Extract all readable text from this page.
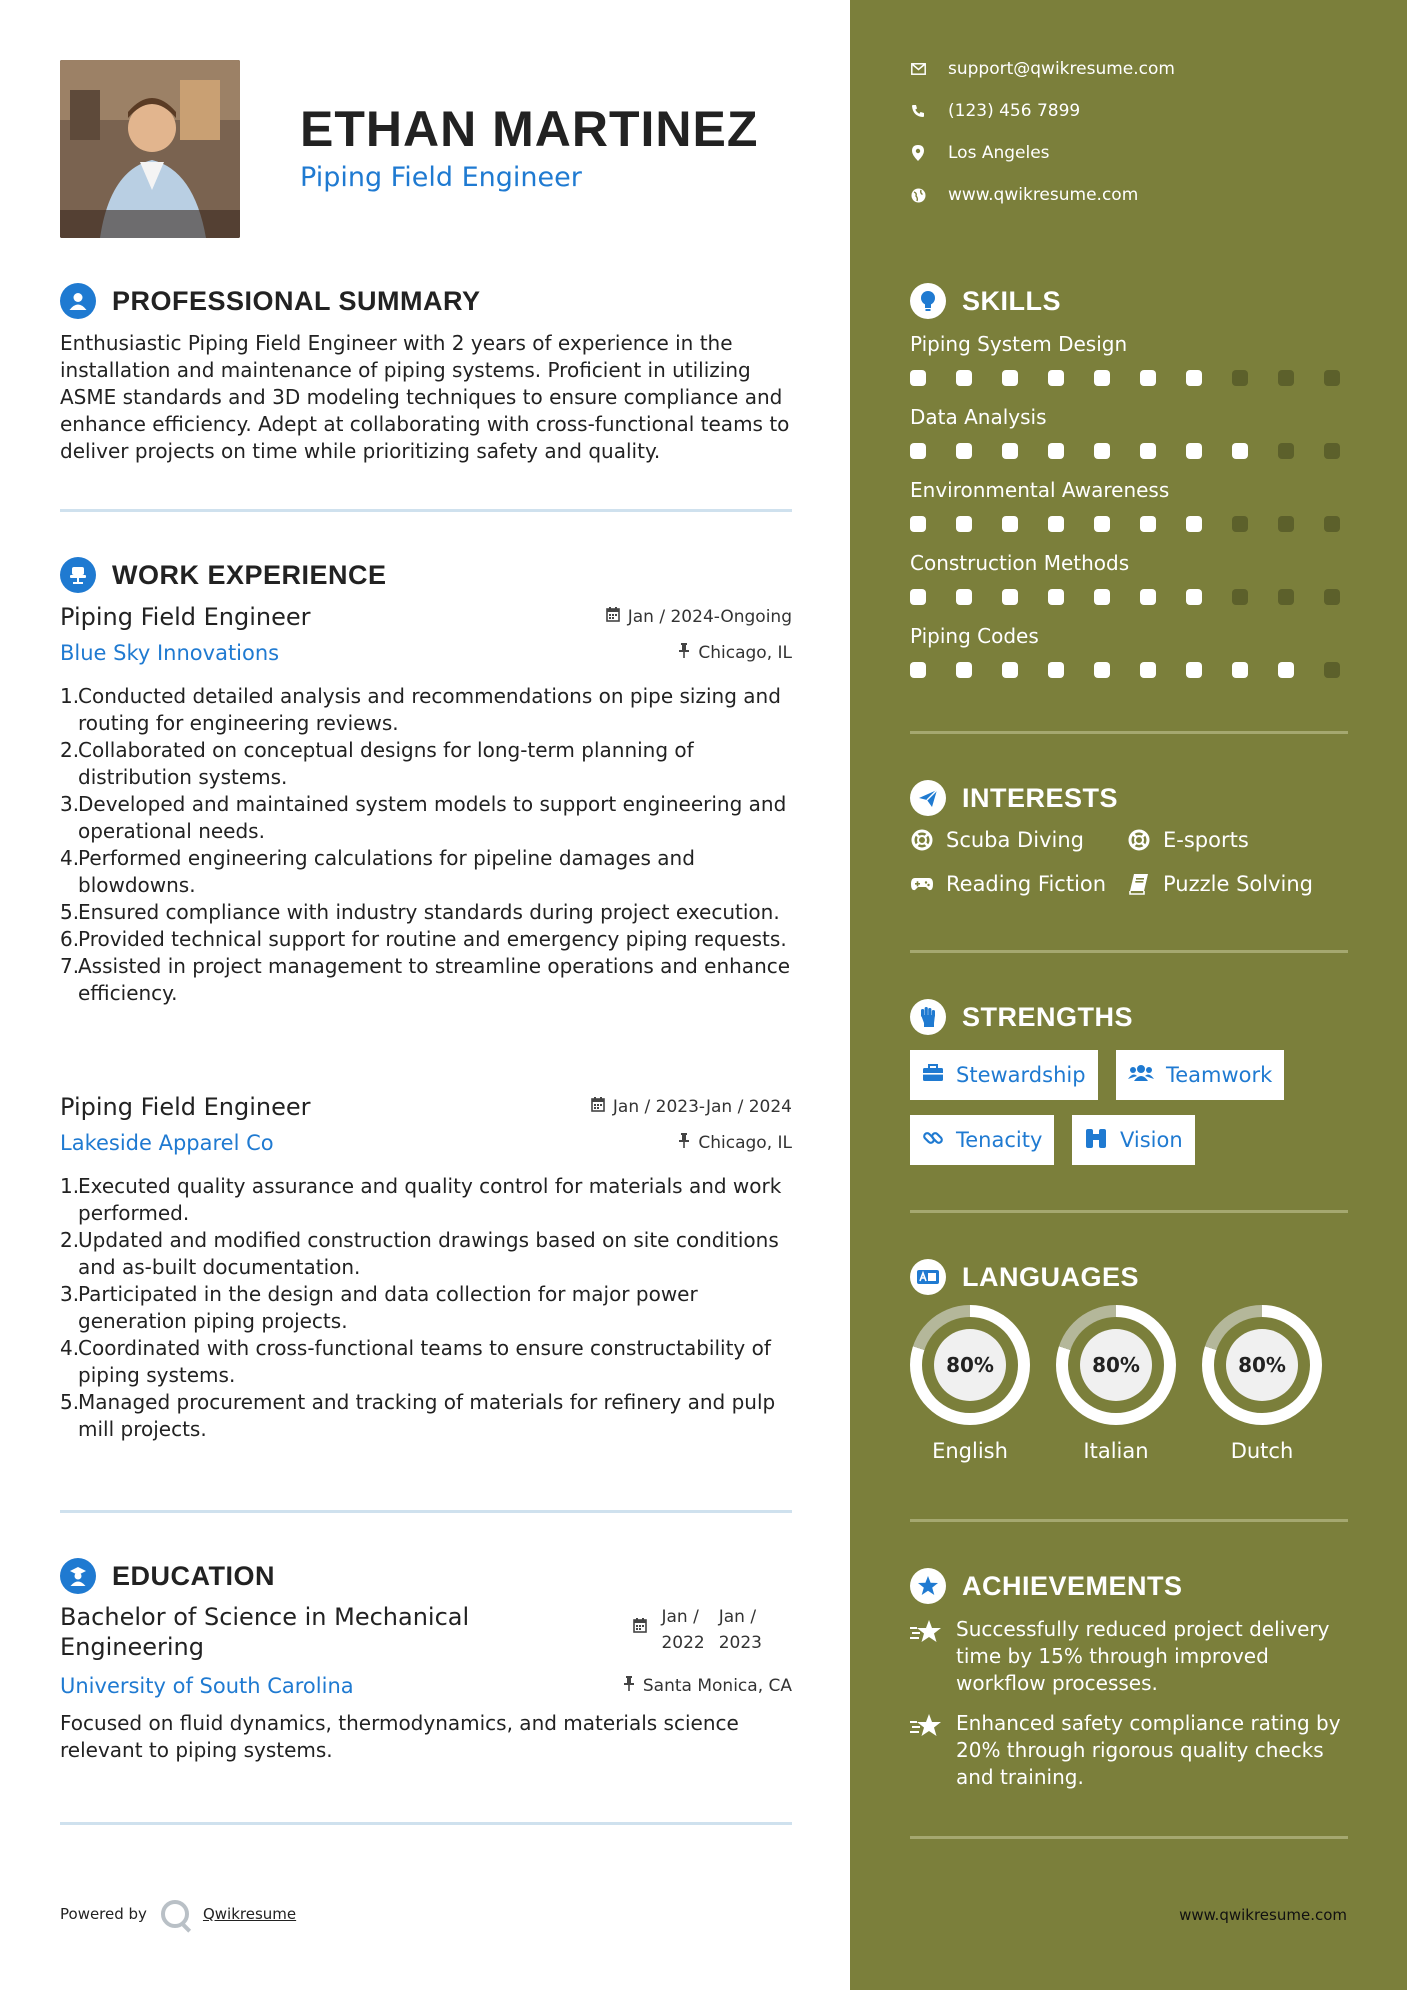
ETHAN MARTINEZ
Piping Field Engineer
PROFESSIONAL SUMMARY
Enthusiastic Piping Field Engineer with 2 years of experience in the installation and maintenance of piping systems. Proficient in utilizing ASME standards and 3D modeling techniques to ensure compliance and enhance efficiency. Adept at collaborating with cross-functional teams to deliver projects on time while prioritizing safety and quality.
WORK EXPERIENCE
Piping Field Engineer	Jan / 2024-Ongoing
Blue Sky Innovations	Chicago, IL
1.
Conducted detailed analysis and recommendations on pipe sizing and routing for engineering reviews.
2.
Collaborated on conceptual designs for long-term planning of distribution systems.
3.
Developed and maintained system models to support engineering and operational needs.
4.
Performed engineering calculations for pipeline damages and blowdowns.
5.
Ensured compliance with industry standards during project execution.
6.
Provided technical support for routine and emergency piping requests.
7.
Assisted in project management to streamline operations and enhance efficiency.
Piping Field Engineer	Jan / 2023-Jan / 2024
Lakeside Apparel Co	Chicago, IL
1.
Executed quality assurance and quality control for materials and work performed.
2.
Updated and modified construction drawings based on site conditions and as-built documentation.
3.
Participated in the design and data collection for major power generation piping projects.
4.
Coordinated with cross-functional teams to ensure constructability of piping systems.
5.
Managed procurement and tracking of materials for refinery and pulp mill projects.
EDUCATION
Bachelor of Science in Mechanical Engineering
Jan /
2022
Jan /
2023
University of South Carolina	Santa Monica, CA
Focused on fluid dynamics, thermodynamics, and materials science relevant to piping systems.
Powered by	Qwikresume
support@qwikresume.com
(123) 456 7899
Los Angeles
www.qwikresume.com
SKILLS
Piping System Design
Data Analysis
Environmental Awareness
Construction Methods
Piping Codes
INTERESTS
Scuba Diving	E-sports
Reading Fiction	Puzzle Solving
STRENGTHS
Stewardship	Teamwork
Tenacity	Vision
LANGUAGES
80%
English
80%
Italian
80%
Dutch
ACHIEVEMENTS
Successfully reduced project delivery time by 15% through improved workflow processes.
Enhanced safety compliance rating by 20% through rigorous quality checks and training.
www.qwikresume.com
